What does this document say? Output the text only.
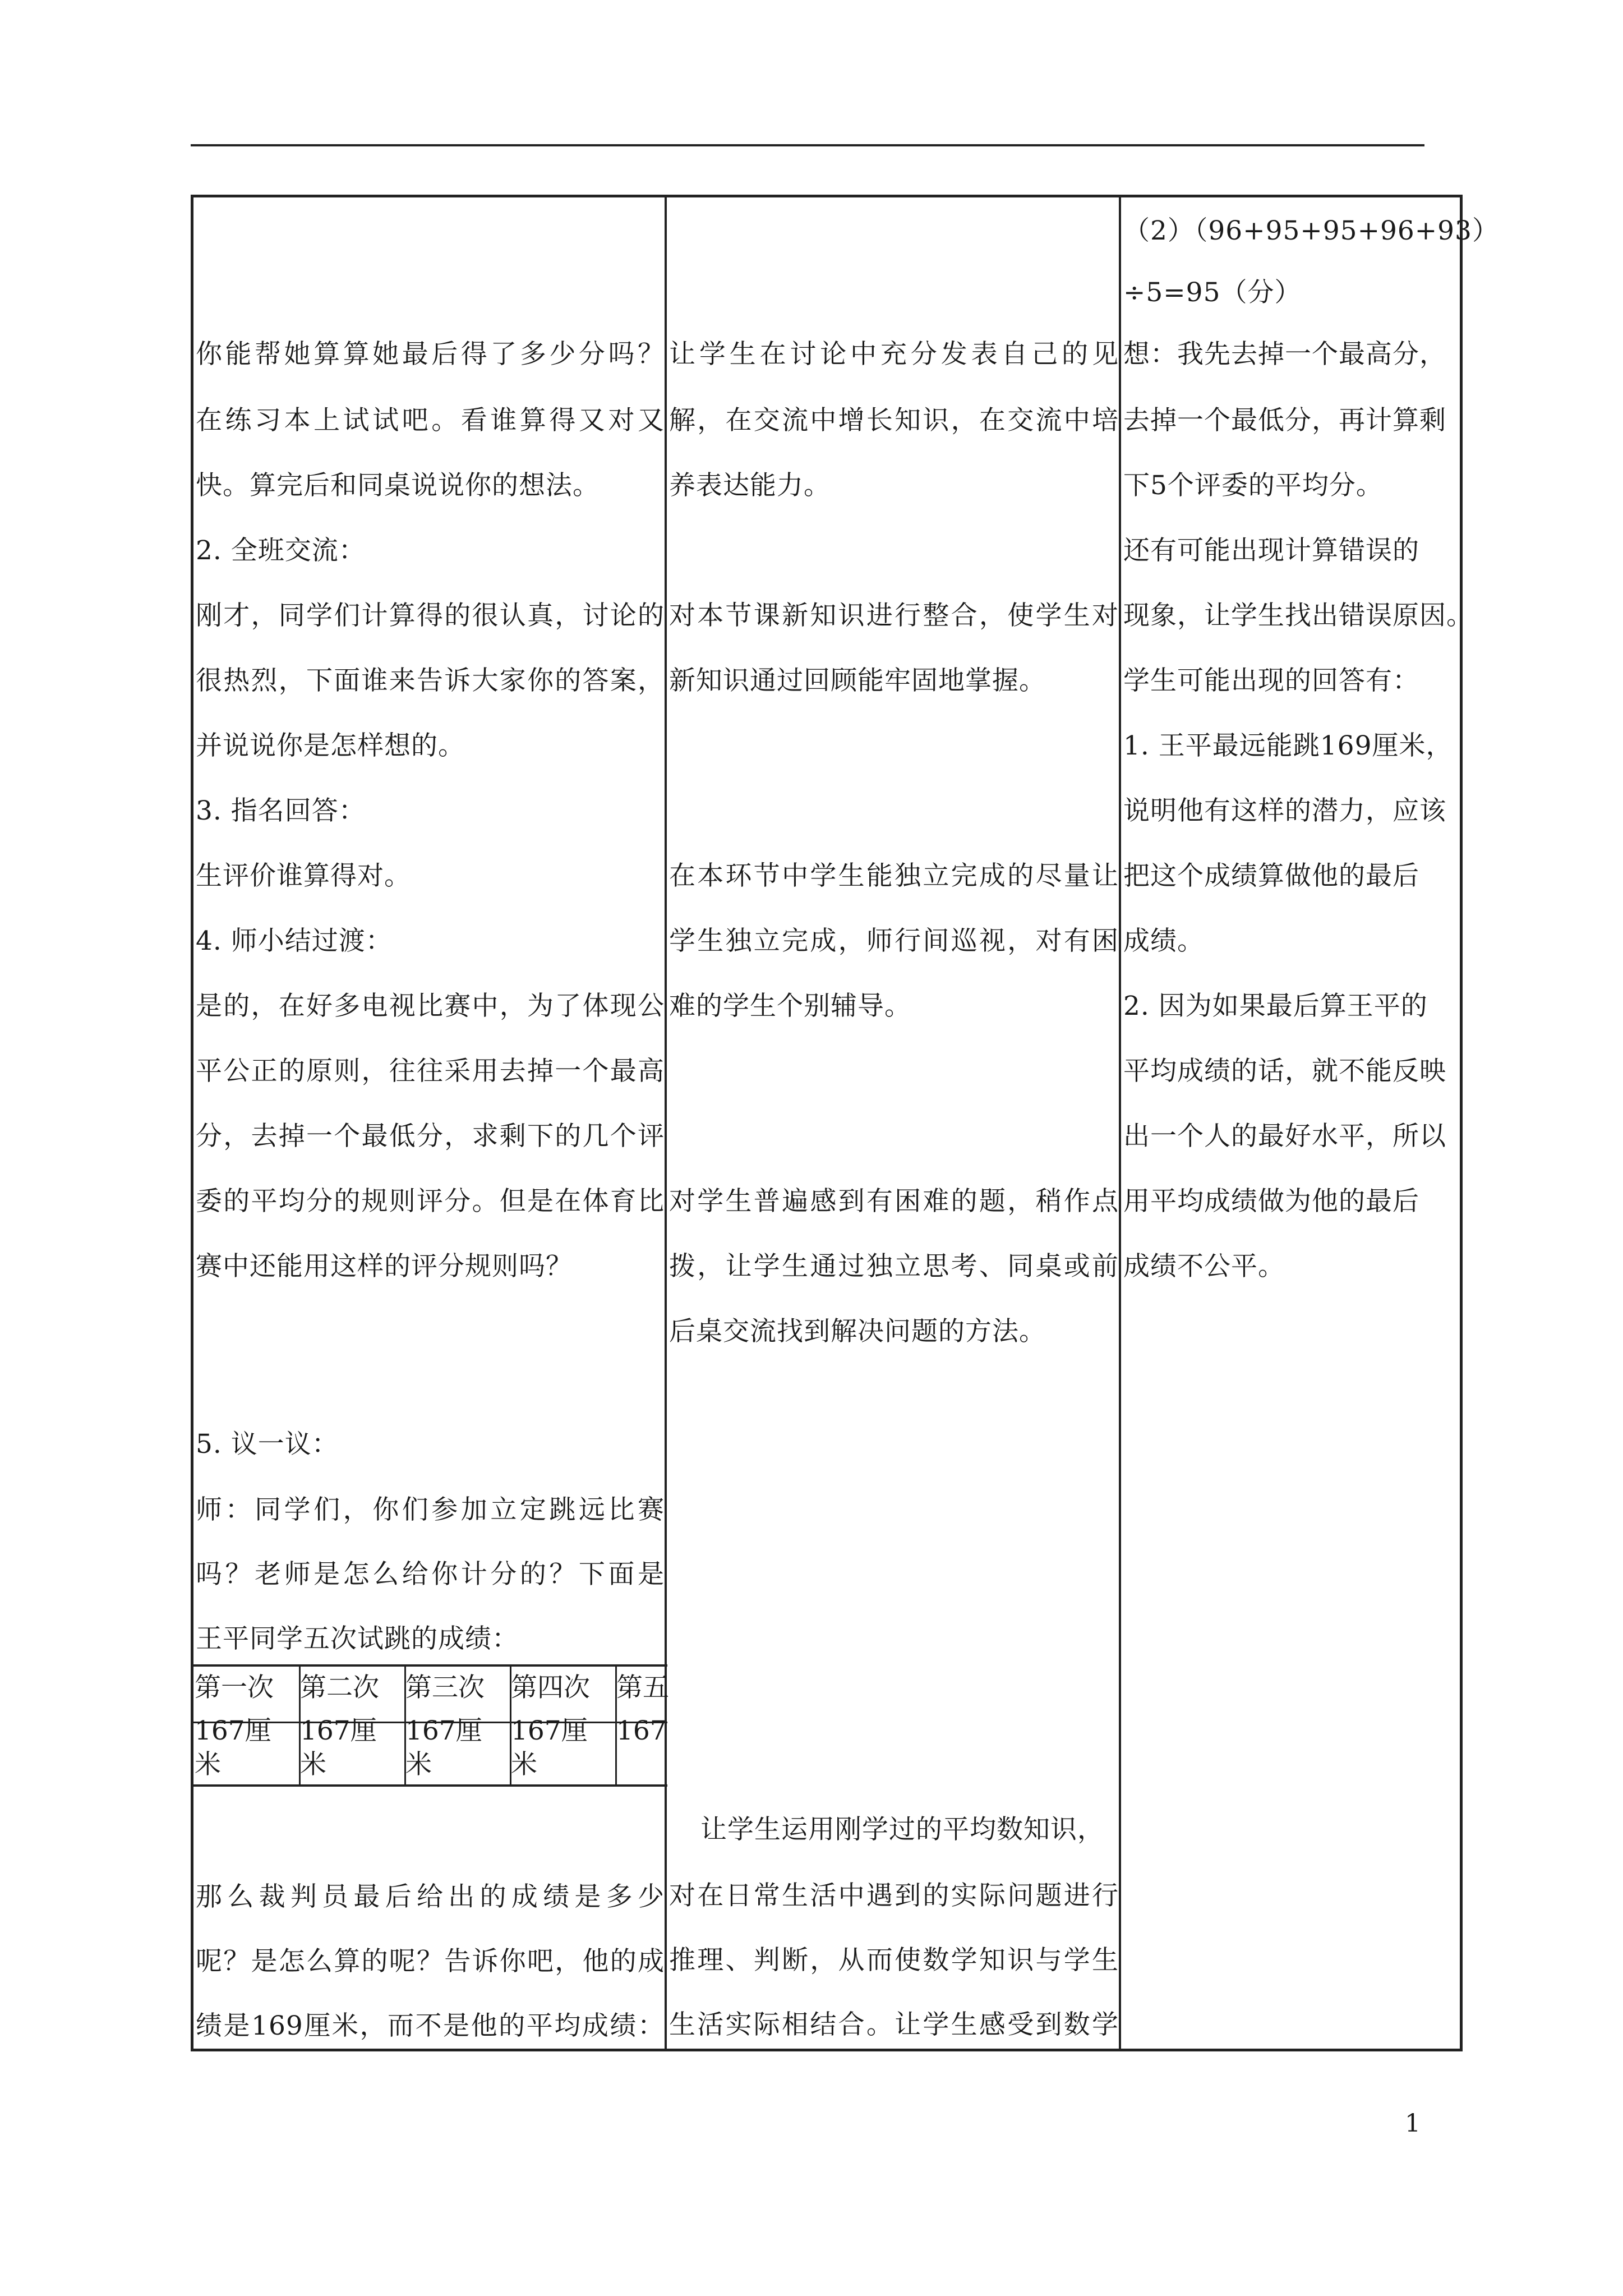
你能帮她算算她最后得了多少分吗？
在练习本上试试吧。看谁算得又对又
快。算完后和同桌说说你的想法。
2. 全班交流：
刚才，同学们计算得的很认真，讨论的
很热烈，下面谁来告诉大家你的答案，
并说说你是怎样想的。
3. 指名回答：
生评价谁算得对。
4. 师小结过渡：
是的，在好多电视比赛中，为了体现公
平公正的原则，往往采用去掉一个最高
分，去掉一个最低分，求剩下的几个评
委的平均分的规则评分。但是在体育比
赛中还能用这样的评分规则吗？
5. 议一议：
师：同学们，你们参加立定跳远比赛
吗？老师是怎么给你计分的？下面是
王平同学五次试跳的成绩：
第一次
167厘米
第二次
167厘米
第三次
167厘米
第四次
167厘米
第五
167
那么裁判员最后给出的成绩是多少
呢？是怎么算的呢？告诉你吧，他的成
绩是169厘米，而不是他的平均成绩：
让学生在讨论中充分发表自己的见
解，在交流中增长知识，在交流中培
养表达能力。
对本节课新知识进行整合，使学生对
新知识通过回顾能牢固地掌握。
在本环节中学生能独立完成的尽量让
学生独立完成，师行间巡视，对有困
难的学生个别辅导。
对学生普遍感到有困难的题，稍作点
拨，让学生通过独立思考、同桌或前
后桌交流找到解决问题的方法。
让学生运用刚学过的平均数知识，
对在日常生活中遇到的实际问题进行
推理、判断，从而使数学知识与学生
生活实际相结合。让学生感受到数学
（2）（96+95+95+96+93）
÷5=95（分）
想：我先去掉一个最高分，
去掉一个最低分，再计算剩
下5个评委的平均分。
还有可能出现计算错误的
现象，让学生找出错误原因。
学生可能出现的回答有：
1. 王平最远能跳169厘米，
说明他有这样的潜力，应该
把这个成绩算做他的最后
成绩。
2. 因为如果最后算王平的
平均成绩的话，就不能反映
出一个人的最好水平，所以
用平均成绩做为他的最后
成绩不公平。
1
